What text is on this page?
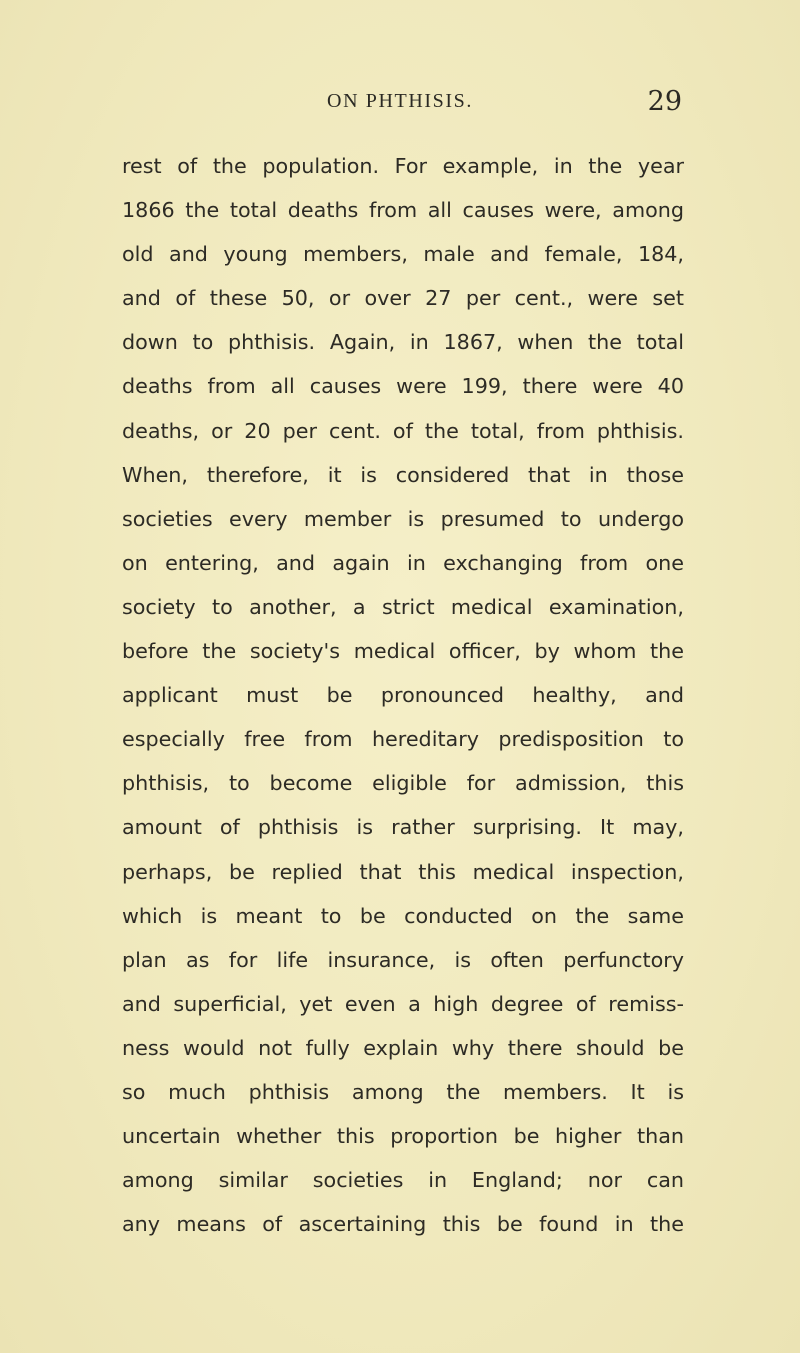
ON PHTHISIS.	29
rest of the population. For example, in the year
1866 the total deaths from all causes were, among
old and young members, male and female, 184,
and of these 50, or over 27 per cent., were set
down to phthisis. Again, in 1867, when the total
deaths from all causes were 199, there were 40
deaths, or 20 per cent. of the total, from phthisis.
When, therefore, it is considered that in those
societies every member is presumed to undergo
on entering, and again in exchanging from one
society to another, a strict medical examination,
before the society's medical officer, by whom the
applicant must be pronounced healthy, and
especially free from hereditary predisposition to
phthisis, to become eligible for admission, this
amount of phthisis is rather surprising. It may,
perhaps, be replied that this medical inspection,
which is meant to be conducted on the same
plan as for life insurance, is often perfunctory
and superficial, yet even a high degree of remiss-
ness would not fully explain why there should be
so much phthisis among the members. It is
uncertain whether this proportion be higher than
among similar societies in England; nor can
any means of ascertaining this be found in the
